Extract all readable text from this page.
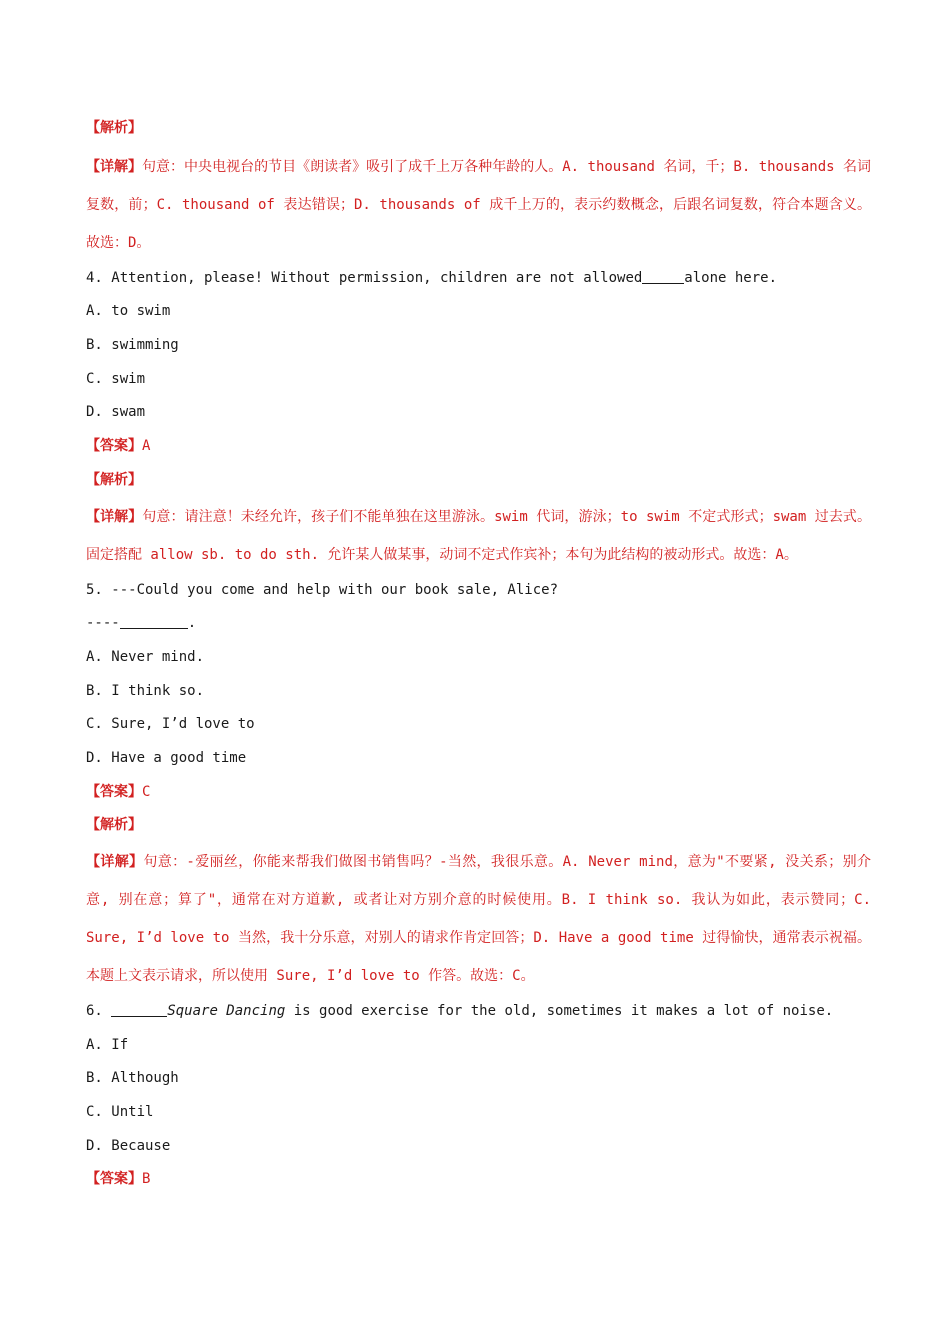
【解析】
【详解】句意：中央电视台的节目《朗读者》吸引了成千上万各种年龄的人。A. thousand 名词，千；B. thousands 名词复数，前；C. thousand of 表达错误；D. thousands of 成千上万的，表示约数概念，后跟名词复数，符合本题含义。故选：D。
4. Attention, please! Without permission, children are not allowed	alone here.
A. to swim
B. swimming
C. swim
D. swam
【答案】A
【解析】
【详解】句意：请注意！未经允许，孩子们不能单独在这里游泳。swim 代词，游泳；to swim 不定式形式；swam 过去式。固定搭配 allow sb. to do sth. 允许某人做某事，动词不定式作宾补；本句为此结构的被动形式。故选：A。
5. ---Could you come and help with our book sale, Alice?
----	.
A. Never mind.
B. I think so.
C. Sure, I’d love to
D. Have a good time
【答案】C
【解析】
【详解】句意：-爱丽丝，你能来帮我们做图书销售吗？-当然，我很乐意。A. Never mind，意为"不要紧, 没关系；别介意, 别在意；算了"，通常在对方道歉, 或者让对方别介意的时候使用。B. I think so. 我认为如此，表示赞同；C. Sure, I’d love to 当然，我十分乐意，对别人的请求作肯定回答；D. Have a good time 过得愉快，通常表示祝福。本题上文表示请求，所以使用 Sure, I’d love to 作答。故选：C。
6.	Square Dancing is good exercise for the old, sometimes it makes a lot of noise.
A. If
B. Although
C. Until
D. Because
【答案】B
